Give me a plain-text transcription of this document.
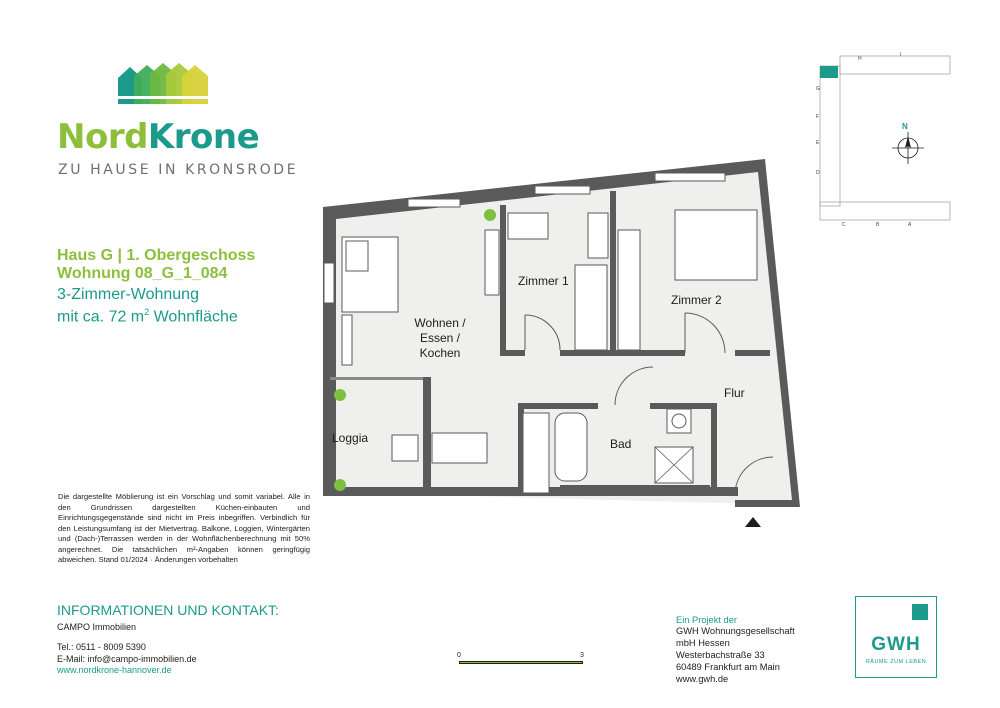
NordKrone
ZU HAUSE IN KRONSRODE
Haus G | 1. Obergeschoss
Wohnung 08_G_1_084
3-Zimmer-Wohnung
mit ca. 72 $m^2$ Wohnfläche	Wohnen /
Essen /
Kochen
Zimmer 1
Zimmer 2
Flur
Bad
Loggia
N
G
F
E
D
C	B	A
H
I
Die dargestellte Möblierung ist ein Vorschlag und somit variabel. Alle in den Grundrissen dargestellten Küchen-einbauten und Einrichtungsgegenstände sind nicht im Preis inbegriffen. Verbindlich für den Leistungsumfang ist der Mietvertrag. Balkone, Loggien, Wintergärten und (Dach-)Terrassen werden in der Wohnflächenberechnung mit 50% angerechnet. Die tatsächlichen m²-Angaben können geringfügig abweichen. Stand 01/2024 · Änderungen vorbehalten
INFORMATIONEN UND KONTAKT:
CAMPO Immobilien
Tel.: 0511 - 8009 5390
E-Mail: info@campo-immobilien.de
www.nordkrone-hannover.de
0	3
Ein Projekt der
GWH Wohnungsgesellschaft
mbH Hessen
Westerbachstraße 33
60489 Frankfurt am Main
www.gwh.de
GWH
RÄUME ZUM LEBEN
